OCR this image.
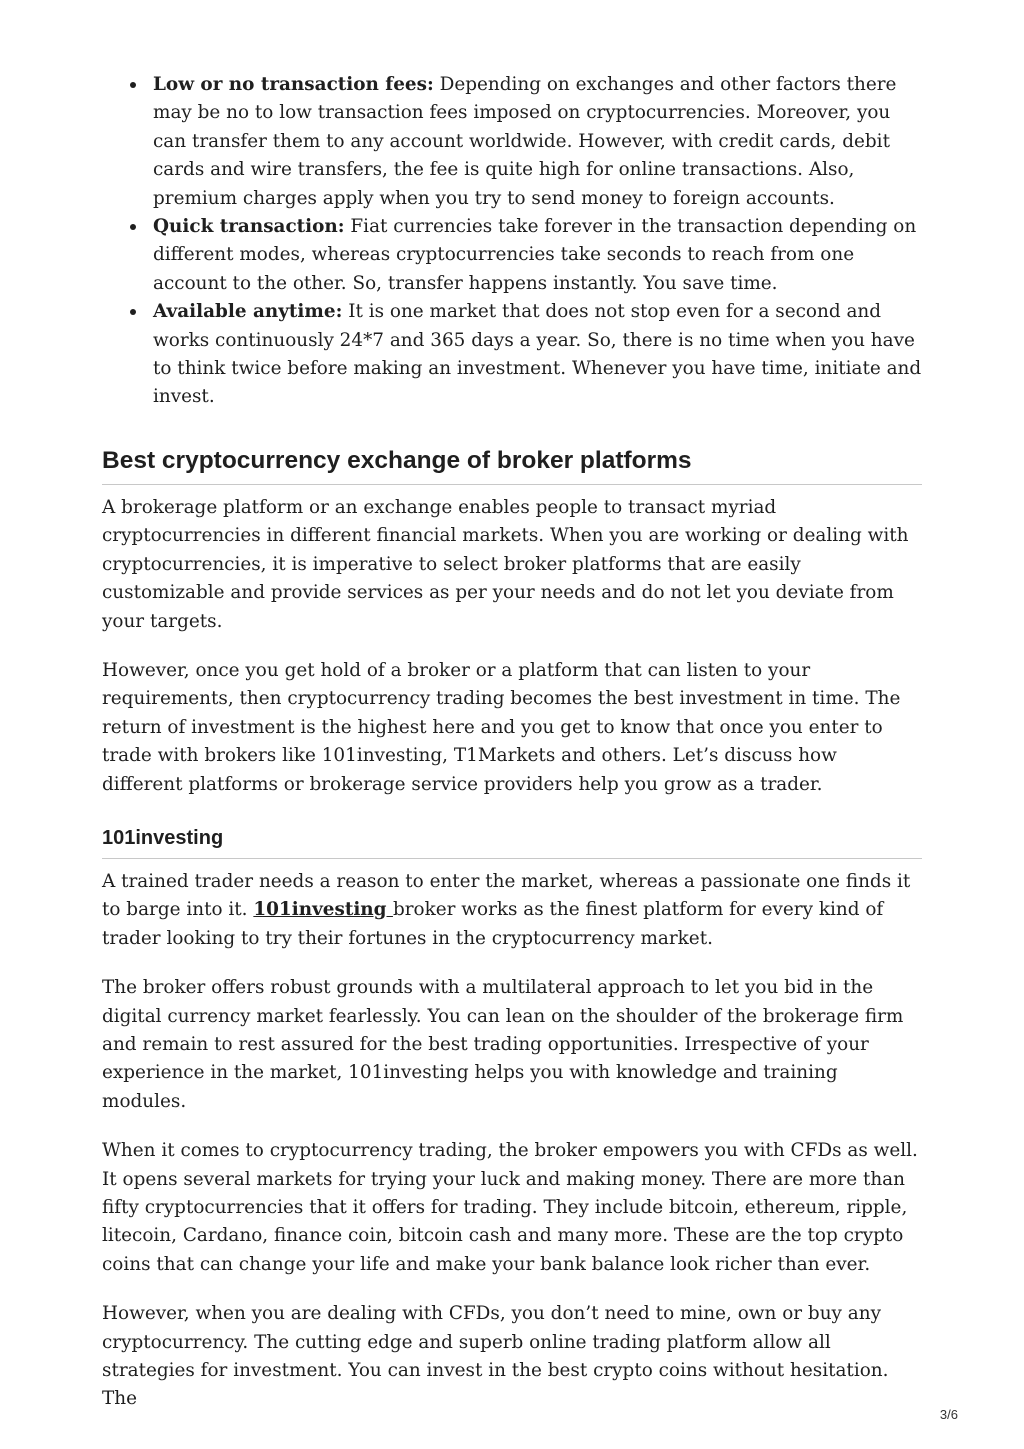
Low or no transaction fees: Depending on exchanges and other factors there may be no to low transaction fees imposed on cryptocurrencies. Moreover, you can transfer them to any account worldwide. However, with credit cards, debit cards and wire transfers, the fee is quite high for online transactions. Also, premium charges apply when you try to send money to foreign accounts.
Quick transaction: Fiat currencies take forever in the transaction depending on different modes, whereas cryptocurrencies take seconds to reach from one account to the other. So, transfer happens instantly. You save time.
Available anytime: It is one market that does not stop even for a second and works continuously 24*7 and 365 days a year. So, there is no time when you have to think twice before making an investment. Whenever you have time, initiate and invest.
Best cryptocurrency exchange of broker platforms

A brokerage platform or an exchange enables people to transact myriad cryptocurrencies in different financial markets. When you are working or dealing with cryptocurrencies, it is imperative to select broker platforms that are easily customizable and provide services as per your needs and do not let you deviate from your targets.

However, once you get hold of a broker or a platform that can listen to your requirements, then cryptocurrency trading becomes the best investment in time. The return of investment is the highest here and you get to know that once you enter to trade with brokers like 101investing, T1Markets and others. Let’s discuss how different platforms or brokerage service providers help you grow as a trader.

101investing

A trained trader needs a reason to enter the market, whereas a passionate one finds it to barge into it. 101investing broker works as the finest platform for every kind of trader looking to try their fortunes in the cryptocurrency market.

The broker offers robust grounds with a multilateral approach to let you bid in the digital currency market fearlessly. You can lean on the shoulder of the brokerage firm and remain to rest assured for the best trading opportunities. Irrespective of your experience in the market, 101investing helps you with knowledge and training modules.

When it comes to cryptocurrency trading, the broker empowers you with CFDs as well. It opens several markets for trying your luck and making money. There are more than fifty cryptocurrencies that it offers for trading. They include bitcoin, ethereum, ripple, litecoin, Cardano, finance coin, bitcoin cash and many more. These are the top crypto coins that can change your life and make your bank balance look richer than ever.

However, when you are dealing with CFDs, you don’t need to mine, own or buy any cryptocurrency. The cutting edge and superb online trading platform allow all strategies for investment. You can invest in the best crypto coins without hesitation. The

3/6
